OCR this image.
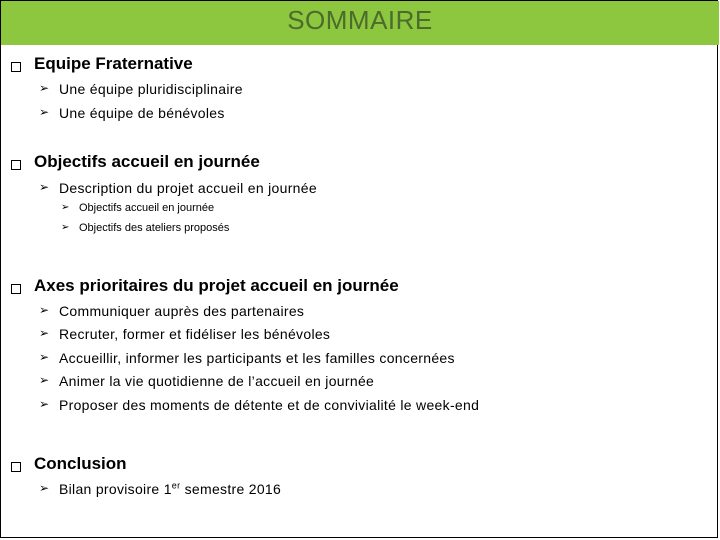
SOMMAIRE
Equipe Fraternative
➢ Une équipe pluridisciplinaire
➢ Une équipe de bénévoles
Objectifs accueil en journée
➢ Description du projet accueil en journée
➢ Objectifs accueil en journée
➢ Objectifs des ateliers proposés
Axes prioritaires du projet accueil en journée
➢ Communiquer auprès des partenaires
➢ Recruter, former et fidéliser les bénévoles
➢ Accueillir, informer les participants et les familles concernées
➢ Animer la vie quotidienne de l’accueil en journée
➢ Proposer des moments de détente et de convivialité le week-end
Conclusion
➢ Bilan provisoire 1er semestre 2016
